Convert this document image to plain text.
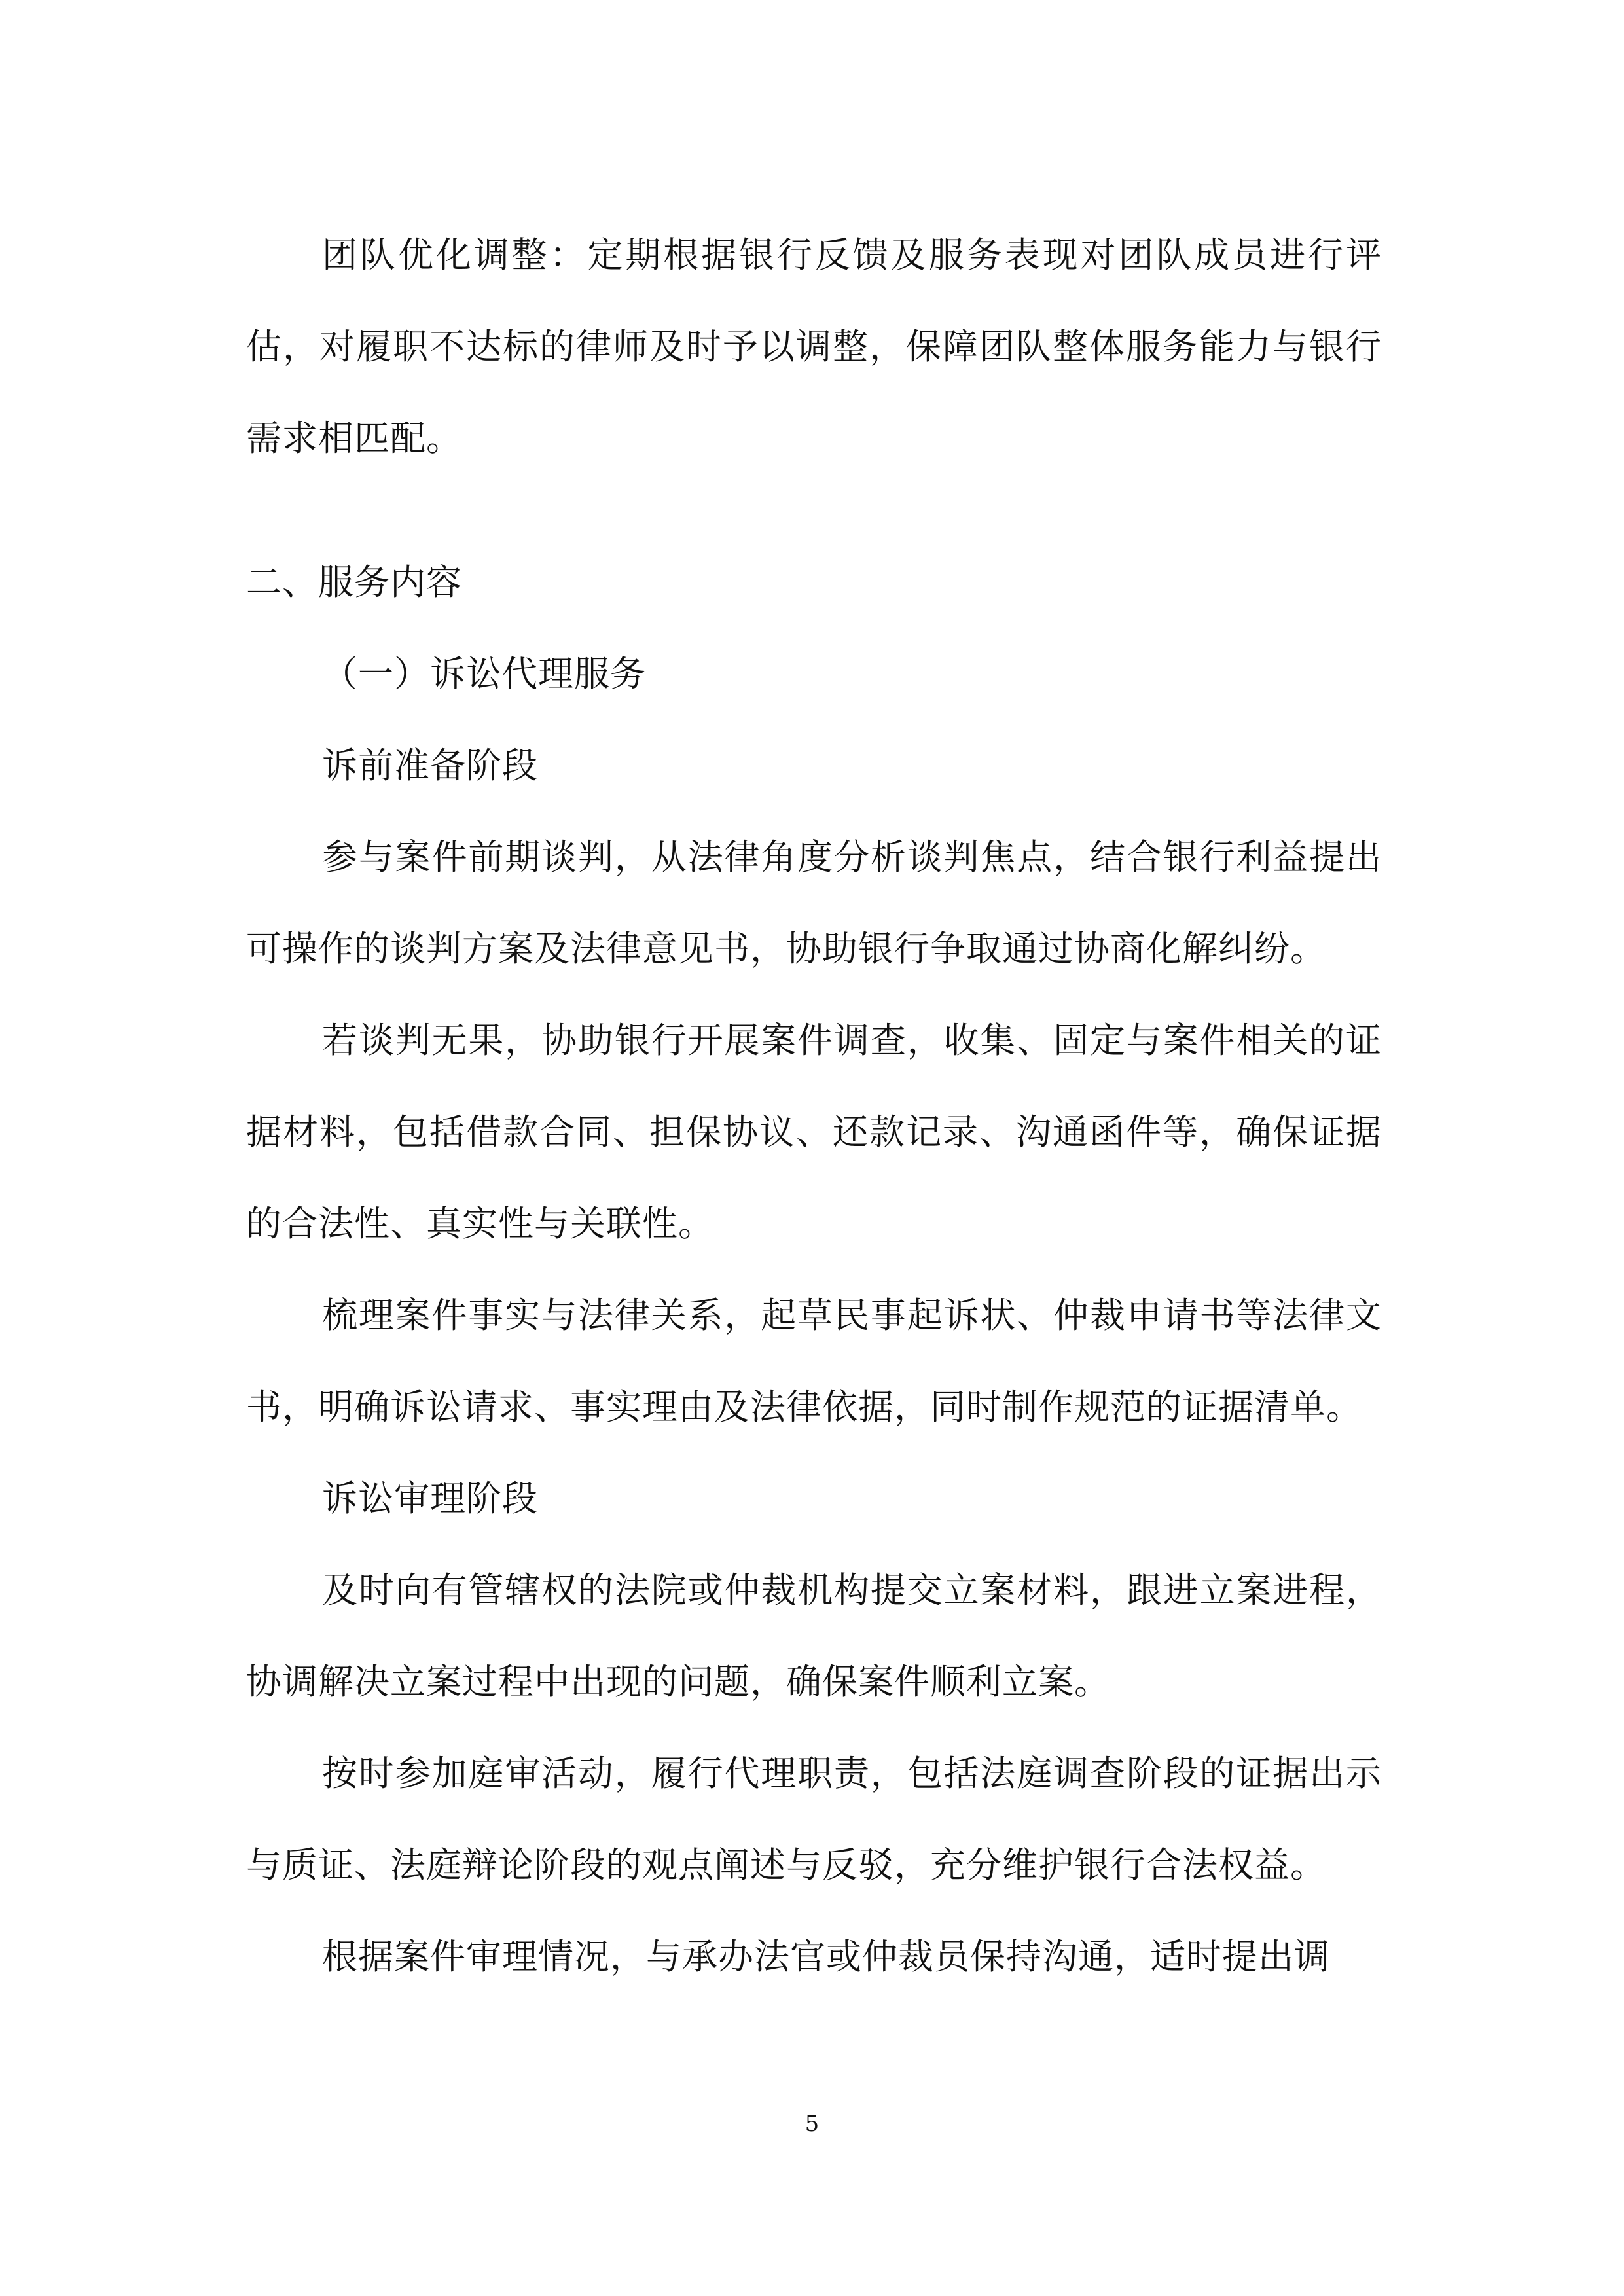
团队优化调整：定期根据银行反馈及服务表现对团队成员进行评估，对履职不达标的律师及时予以调整，保障团队整体服务能力与银行需求相匹配。

二、服务内容

（一）诉讼代理服务

诉前准备阶段

参与案件前期谈判，从法律角度分析谈判焦点，结合银行利益提出可操作的谈判方案及法律意见书，协助银行争取通过协商化解纠纷。

若谈判无果，协助银行开展案件调查，收集、固定与案件相关的证据材料，包括借款合同、担保协议、还款记录、沟通函件等，确保证据的合法性、真实性与关联性。

梳理案件事实与法律关系，起草民事起诉状、仲裁申请书等法律文书，明确诉讼请求、事实理由及法律依据，同时制作规范的证据清单。

诉讼审理阶段

及时向有管辖权的法院或仲裁机构提交立案材料，跟进立案进程，协调解决立案过程中出现的问题，确保案件顺利立案。

按时参加庭审活动，履行代理职责，包括法庭调查阶段的证据出示与质证、法庭辩论阶段的观点阐述与反驳，充分维护银行合法权益。

根据案件审理情况，与承办法官或仲裁员保持沟通，适时提出调

5
